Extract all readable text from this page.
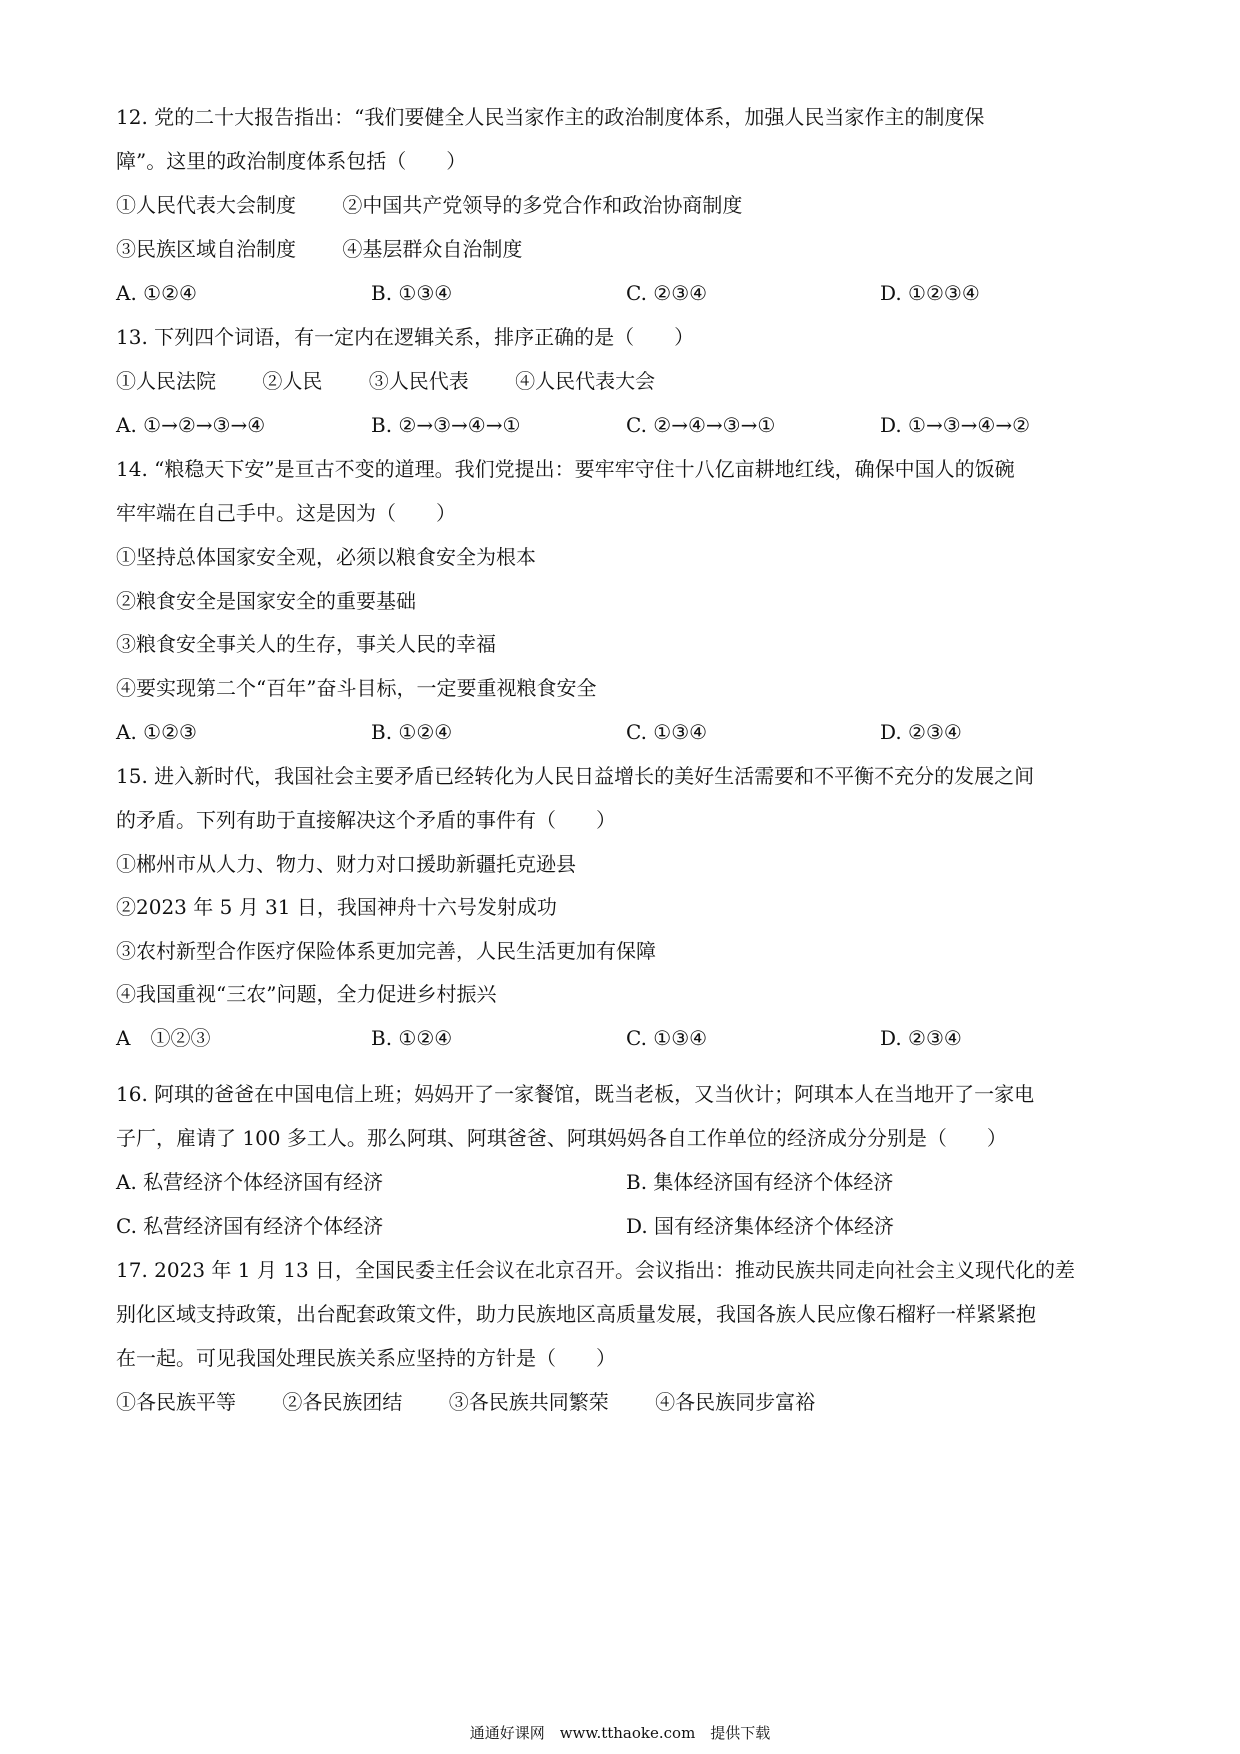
12. 党的二十大报告指出：“我们要健全人民当家作主的政治制度体系，加强人民当家作主的制度保
障”。这里的政治制度体系包括（　　）
①人民代表大会制度 ②中国共产党领导的多党合作和政治协商制度
③民族区域自治制度 ④基层群众自治制度
A. ①②④	B. ①③④	C. ②③④	D. ①②③④
13. 下列四个词语，有一定内在逻辑关系，排序正确的是（　　）
①人民法院 ②人民 ③人民代表 ④人民代表大会
A. ①→②→③→④	B. ②→③→④→①	C. ②→④→③→①	D. ①→③→④→②
14. “粮稳天下安”是亘古不变的道理。我们党提出：要牢牢守住十八亿亩耕地红线，确保中国人的饭碗
牢牢端在自己手中。这是因为（　　）
①坚持总体国家安全观，必须以粮食安全为根本
②粮食安全是国家安全的重要基础
③粮食安全事关人的生存，事关人民的幸福
④要实现第二个“百年”奋斗目标，一定要重视粮食安全
A. ①②③	B. ①②④	C. ①③④	D. ②③④
15. 进入新时代，我国社会主要矛盾已经转化为人民日益增长的美好生活需要和不平衡不充分的发展之间
的矛盾。下列有助于直接解决这个矛盾的事件有（　　）
①郴州市从人力、物力、财力对口援助新疆托克逊县
②2023 年 5 月 31 日，我国神舟十六号发射成功
③农村新型合作医疗保险体系更加完善，人民生活更加有保障
④我国重视“三农”问题，全力促进乡村振兴
A　①②③	B. ①②④	C. ①③④	D. ②③④
16. 阿琪的爸爸在中国电信上班；妈妈开了一家餐馆，既当老板，又当伙计；阿琪本人在当地开了一家电
子厂，雇请了 100 多工人。那么阿琪、阿琪爸爸、阿琪妈妈各自工作单位的经济成分分别是（　　）
A. 私营经济个体经济国有经济	B. 集体经济国有经济个体经济
C. 私营经济国有经济个体经济	D. 国有经济集体经济个体经济
17. 2023 年 1 月 13 日，全国民委主任会议在北京召开。会议指出：推动民族共同走向社会主义现代化的差
别化区域支持政策，出台配套政策文件，助力民族地区高质量发展，我国各族人民应像石榴籽一样紧紧抱
在一起。可见我国处理民族关系应坚持的方针是（　　）
①各民族平等 ②各民族团结 ③各民族共同繁荣 ④各民族同步富裕
通通好课网　www.tthaoke.com　提供下载
